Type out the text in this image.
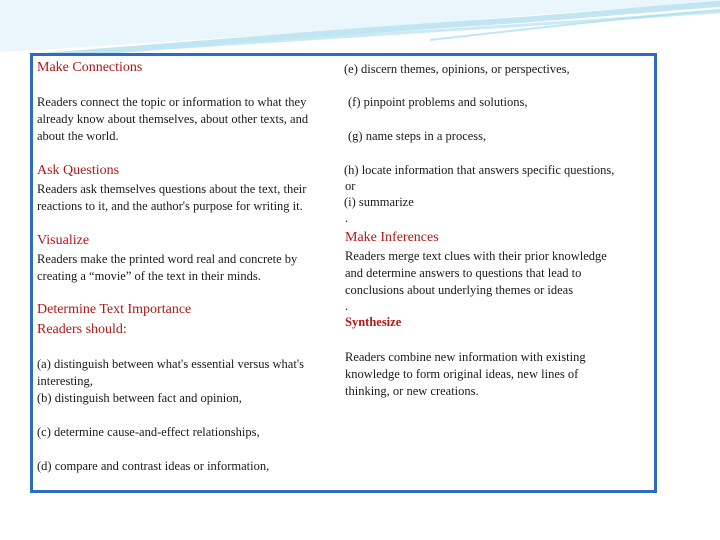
Make Connections
Readers connect the topic or information to what they
already know about themselves, about other texts, and
about the world.
Ask Questions
Readers ask themselves questions about the text, their
reactions to it, and the author's purpose for writing it.
Visualize
Readers make the printed word real and concrete by
creating a “movie” of the text in their minds.
Determine Text Importance
Readers should:
(a) distinguish between what's essential versus what's
interesting,
(b) distinguish between fact and opinion,
(c) determine cause-and-effect relationships,
(d) compare and contrast ideas or information,
(e) discern themes, opinions, or perspectives,
(f) pinpoint problems and solutions,
(g) name steps in a process,
(h) locate information that answers specific questions,
or
(i) summarize
.
Make Inferences
Readers merge text clues with their prior knowledge
and determine answers to questions that lead to
conclusions about underlying themes or ideas
.
Synthesize
Readers combine new information with existing
knowledge to form original ideas, new lines of
thinking, or new creations.
